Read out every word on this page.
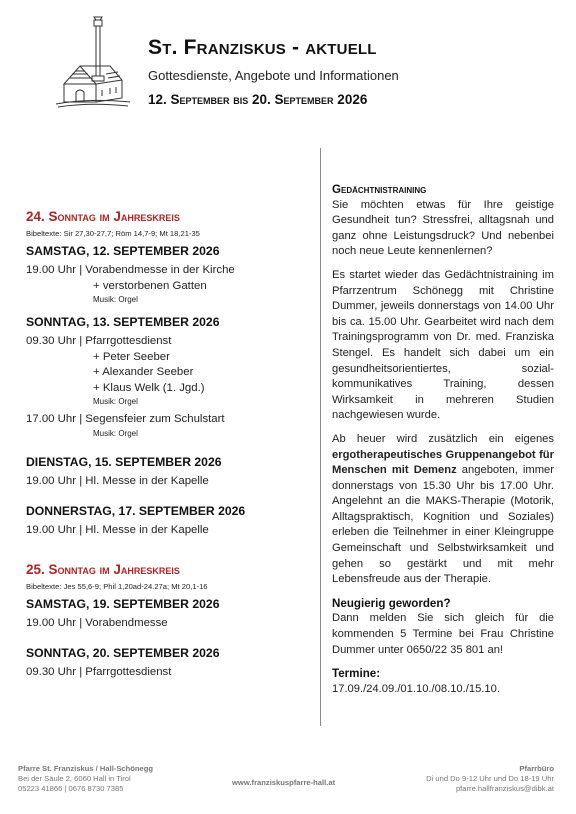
St. Franziskus - aktuell
Gottesdienste, Angebote und Informationen
12. September bis 20. September 2026
24. Sonntag im Jahreskreis
Bibeltexte: Sir 27,30-27,7; Röm 14,7-9; Mt 18,21-35
SAMSTAG, 12. SEPTEMBER 2026
19.00 Uhr | Vorabendmesse in der Kirche
+ verstorbenen Gatten
Musik: Orgel
SONNTAG, 13. SEPTEMBER 2026
09.30 Uhr | Pfarrgottesdienst
+ Peter Seeber
+ Alexander Seeber
+ Klaus Welk (1. Jgd.)
Musik: Orgel
17.00 Uhr | Segensfeier zum Schulstart
Musik: Orgel
DIENSTAG, 15. SEPTEMBER 2026
19.00 Uhr | Hl. Messe in der Kapelle
DONNERSTAG, 17. SEPTEMBER 2026
19.00 Uhr | Hl. Messe in der Kapelle
25. Sonntag im Jahreskreis
Bibeltexte: Jes 55,6-9; Phil 1,20ad-24.27a; Mt 20,1-16
SAMSTAG, 19. SEPTEMBER 2026
19.00 Uhr | Vorabendmesse
SONNTAG, 20. SEPTEMBER 2026
09.30 Uhr | Pfarrgottesdienst
Gedächtnistraining

Sie möchten etwas für Ihre geistige Gesundheit tun? Stressfrei, alltagsnah und ganz ohne Leistungsdruck? Und nebenbei noch neue Leute kennenlernen?

Es startet wieder das Gedächtnistraining im Pfarrzentrum Schönegg mit Christine Dummer, jeweils donnerstags von 14.00 Uhr bis ca. 15.00 Uhr. Gearbeitet wird nach dem Trainingsprogramm von Dr. med. Franziska Stengel. Es handelt sich dabei um ein gesundheitsorientiertes, sozial-kommunikatives Training, dessen Wirksamkeit in mehreren Studien nachgewiesen wurde.

Ab heuer wird zusätzlich ein eigenes ergotherapeutisches Gruppenangebot für Menschen mit Demenz angeboten, immer donnerstags von 15.30 Uhr bis 17.00 Uhr. Angelehnt an die MAKS-Therapie (Motorik, Alltagspraktisch, Kognition und Soziales) erleben die Teilnehmer in einer Kleingruppe Gemeinschaft und Selbstwirksamkeit und gehen so gestärkt und mit mehr Lebensfreude aus der Therapie.

Neugierig geworden?

Dann melden Sie sich gleich für die kommenden 5 Termine bei Frau Christine Dummer unter 0650/22 35 801 an!

Termine:
17.09./24.09./01.10./08.10./15.10.
Pfarre St. Franziskus / Hall-Schönegg
Bei der Säule 2, 6060 Hall in Tirol
05223 41866 | 0676 8730 7385
www.franziskuspfarre-hall.at
Pfarrbüro
Di und Do 9-12 Uhr und Do 18-19 Uhr
pfarre.hallfranziskus@dibk.at
